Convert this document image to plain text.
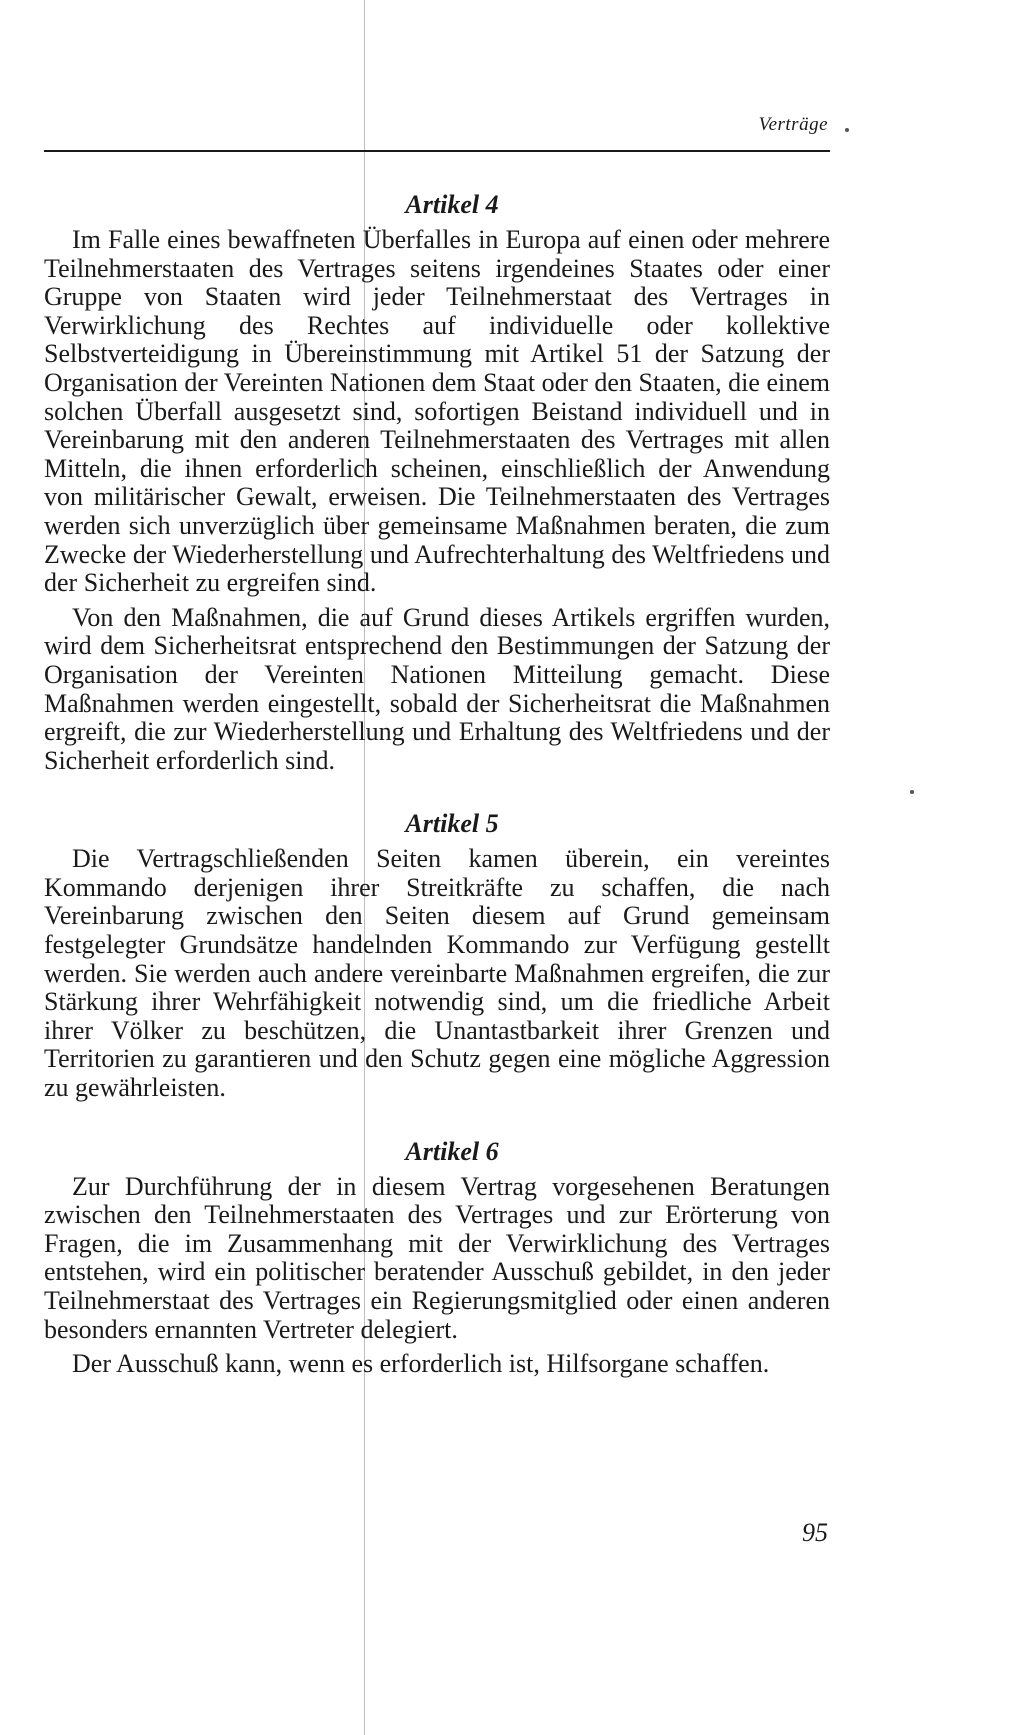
Verträge
Artikel 4

Im Falle eines bewaffneten Überfalles in Europa auf einen oder mehrere Teilnehmerstaaten des Vertrages seitens irgendeines Staates oder einer Gruppe von Staaten wird jeder Teilnehmerstaat des Vertrages in Verwirklichung des Rechtes auf individuelle oder kollektive Selbstverteidigung in Übereinstimmung mit Artikel 51 der Satzung der Organisation der Vereinten Nationen dem Staat oder den Staaten, die einem solchen Überfall ausgesetzt sind, sofortigen Beistand individuell und in Vereinbarung mit den anderen Teilnehmerstaaten des Vertrages mit allen Mitteln, die ihnen erforderlich scheinen, einschließlich der Anwendung von militärischer Gewalt, erweisen. Die Teilnehmerstaaten des Vertrages werden sich unverzüglich über gemeinsame Maßnahmen beraten, die zum Zwecke der Wiederherstellung und Aufrechterhaltung des Weltfriedens und der Sicherheit zu ergreifen sind.

Von den Maßnahmen, die auf Grund dieses Artikels ergriffen wurden, wird dem Sicherheitsrat entsprechend den Bestimmungen der Satzung der Organisation der Vereinten Nationen Mitteilung gemacht. Diese Maßnahmen werden eingestellt, sobald der Sicherheitsrat die Maßnahmen ergreift, die zur Wiederherstellung und Erhaltung des Weltfriedens und der Sicherheit erforderlich sind.

Artikel 5

Die Vertragschließenden Seiten kamen überein, ein vereintes Kommando derjenigen ihrer Streitkräfte zu schaffen, die nach Vereinbarung zwischen den Seiten diesem auf Grund gemeinsam festgelegter Grundsätze handelnden Kommando zur Verfügung gestellt werden. Sie werden auch andere vereinbarte Maßnahmen ergreifen, die zur Stärkung ihrer Wehrfähigkeit notwendig sind, um die friedliche Arbeit ihrer Völker zu beschützen, die Unantastbarkeit ihrer Grenzen und Territorien zu garantieren und den Schutz gegen eine mögliche Aggression zu gewährleisten.

Artikel 6

Zur Durchführung der in diesem Vertrag vorgesehenen Beratungen zwischen den Teilnehmerstaaten des Vertrages und zur Erörterung von Fragen, die im Zusammenhang mit der Verwirklichung des Vertrages entstehen, wird ein politischer beratender Ausschuß gebildet, in den jeder Teilnehmerstaat des Vertrages ein Regierungsmitglied oder einen anderen besonders ernannten Vertreter delegiert.

Der Ausschuß kann, wenn es erforderlich ist, Hilfsorgane schaffen.

95
